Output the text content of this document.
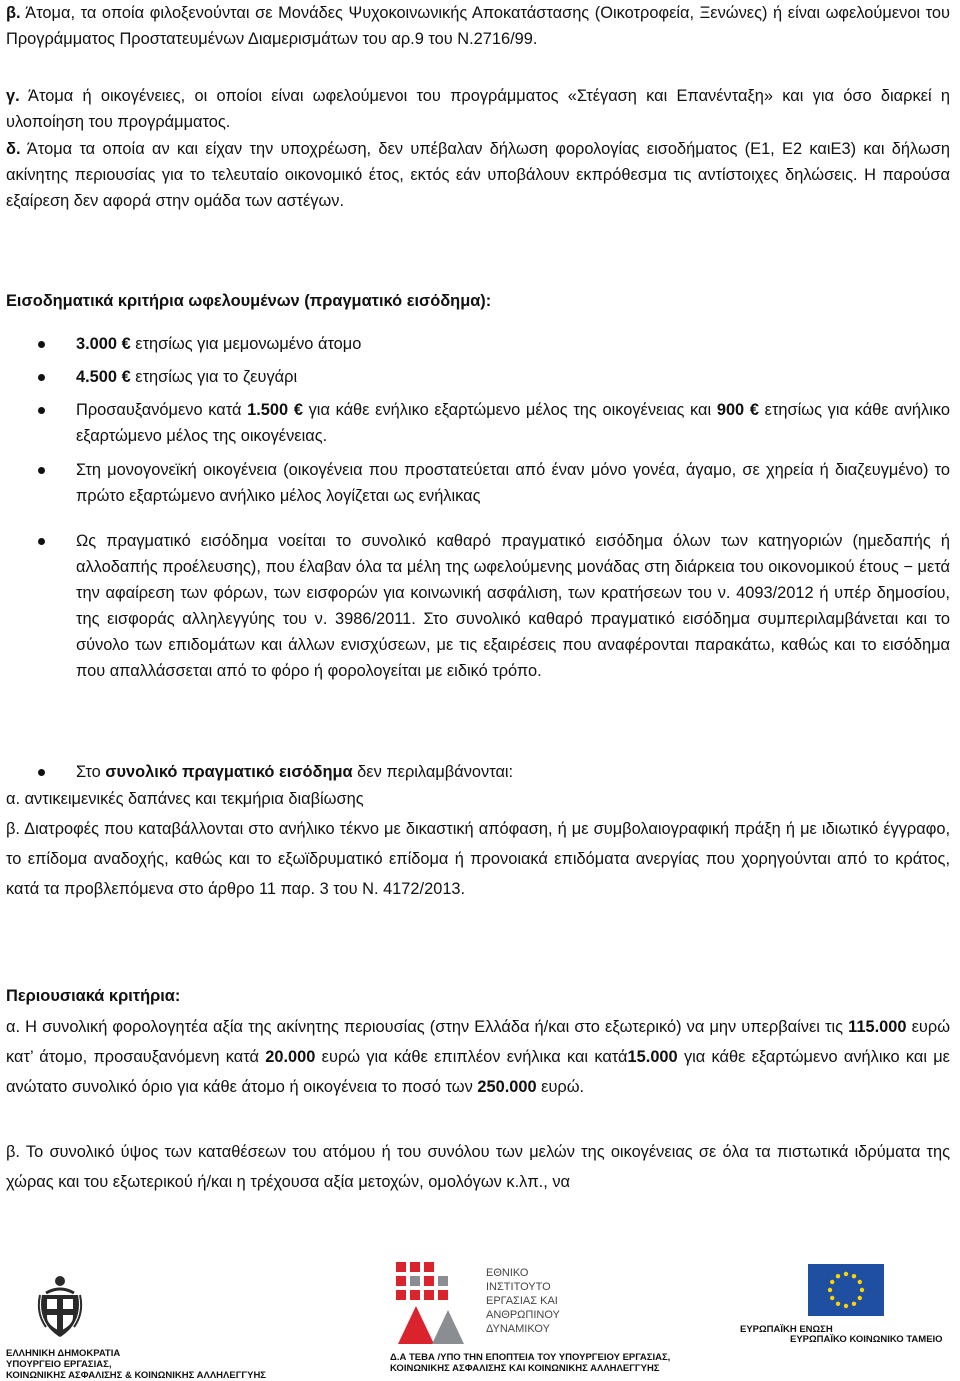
β. Άτομα, τα οποία φιλοξενούνται σε Μονάδες Ψυχοκοινωνικής Αποκατάστασης (Οικοτροφεία, Ξενώνες) ή είναι ωφελούμενοι του Προγράμματος Προστατευμένων Διαμερισμάτων του αρ.9 του Ν.2716/99.

γ. Άτομα ή οικογένειες, οι οποίοι είναι ωφελούμενοι του προγράμματος «Στέγαση και Επανένταξη» και για όσο διαρκεί η υλοποίηση του προγράμματος.

δ. Άτομα τα οποία αν και είχαν την υποχρέωση, δεν υπέβαλαν δήλωση φορολογίας εισοδήματος (Ε1, Ε2 καιΕ3) και δήλωση ακίνητης περιουσίας για το τελευταίο οικονομικό έτος, εκτός εάν υποβάλουν εκπρόθεσμα τις αντίστοιχες δηλώσεις. Η παρούσα εξαίρεση δεν αφορά στην ομάδα των αστέγων.

Εισοδηματικά κριτήρια ωφελουμένων (πραγματικό εισόδημα):

3.000 € ετησίως για μεμονωμένο άτομο

4.500 € ετησίως για το ζευγάρι

Προσαυξανόμενο κατά 1.500 € για κάθε ενήλικο εξαρτώμενο μέλος της οικογένειας και 900 € ετησίως για κάθε ανήλικο εξαρτώμενο μέλος της οικογένειας.

Στη μονογονεϊκή οικογένεια (οικογένεια που προστατεύεται από έναν μόνο γονέα, άγαμο, σε χηρεία ή διαζευγμένο) το πρώτο εξαρτώμενο ανήλικο μέλος λογίζεται ως ενήλικας

Ως πραγματικό εισόδημα νοείται το συνολικό καθαρό πραγματικό εισόδημα όλων των κατηγοριών (ημεδαπής ή αλλοδαπής προέλευσης), που έλαβαν όλα τα μέλη της ωφελούμενης μονάδας στη διάρκεια του οικονομικού έτους − μετά την αφαίρεση των φόρων, των εισφορών για κοινωνική ασφάλιση, των κρατήσεων του ν. 4093/2012 ή υπέρ δημοσίου, της εισφοράς αλληλεγγύης του ν. 3986/2011. Στο συνολικό καθαρό πραγματικό εισόδημα συμπεριλαμβάνεται και το σύνολο των επιδομάτων και άλλων ενισχύσεων, με τις εξαιρέσεις που αναφέρονται παρακάτω, καθώς και το εισόδημα που απαλλάσσεται από το φόρο ή φορολογείται με ειδικό τρόπο.

Στο συνολικό πραγματικό εισόδημα δεν περιλαμβάνονται:

α. αντικειμενικές δαπάνες και τεκμήρια διαβίωσης

β. Διατροφές που καταβάλλονται στο ανήλικο τέκνο με δικαστική απόφαση, ή με συμβολαιογραφική πράξη ή με ιδιωτικό έγγραφο, το επίδομα αναδοχής, καθώς και το εξωϊδρυματικό επίδομα ή προνοιακά επιδόματα ανεργίας που χορηγούνται από το κράτος, κατά τα προβλεπόμενα στο άρθρο 11 παρ. 3 του Ν. 4172/2013.

Περιουσιακά κριτήρια:

α. Η συνολική φορολογητέα αξία της ακίνητης περιουσίας (στην Ελλάδα ή/και στο εξωτερικό) να μην υπερβαίνει τις 115.000 ευρώ κατ’ άτομο, προσαυξανόμενη κατά 20.000 ευρώ για κάθε επιπλέον ενήλικα και κατά15.000 για κάθε εξαρτώμενο ανήλικο και με ανώτατο συνολικό όριο για κάθε άτομο ή οικογένεια το ποσό των 250.000 ευρώ.

β. Το συνολικό ύψος των καταθέσεων του ατόμου ή του συνόλου των μελών της οικογένειας σε όλα τα πιστωτικά ιδρύματα της χώρας και του εξωτερικού ή/και η τρέχουσα αξία μετοχών, ομολόγων κ.λπ., να

ΕΛΛΗΝΙΚΗ ΔΗΜΟΚΡΑΤΙΑ
ΥΠΟΥΡΓΕΙΟ ΕΡΓΑΣΙΑΣ,
ΚΟΙΝΩΝΙΚΗΣ ΑΣΦΑΛΙΣΗΣ & ΚΟΙΝΩΝΙΚΗΣ ΑΛΛΗΛΕΓΓΥΗΣ
ΕΘΝΙΚΟ
ΙΝΣΤΙΤΟΥΤΟ
ΕΡΓΑΣΙΑΣ ΚΑΙ
ΑΝΘΡΩΠΙΝΟΥ
ΔΥΝΑΜΙΚΟΥ
Δ.Α ΤΕΒΑ /ΥΠΟ ΤΗΝ ΕΠΟΠΤΕΙΑ ΤΟΥ ΥΠΟΥΡΓΕΙΟΥ ΕΡΓΑΣΙΑΣ,
ΚΟΙΝΩΝΙΚΗΣ ΑΣΦΑΛΙΣΗΣ ΚΑΙ ΚΟΙΝΩΝΙΚΗΣ ΑΛΛΗΛΕΓΓΥΗΣ
ΕΥΡΩΠΑΪΚΗ ΕΝΩΣΗ
ΕΥΡΩΠΑΪΚΟ ΚΟΙΝΩΝΙΚΟ ΤΑΜΕΙΟ
